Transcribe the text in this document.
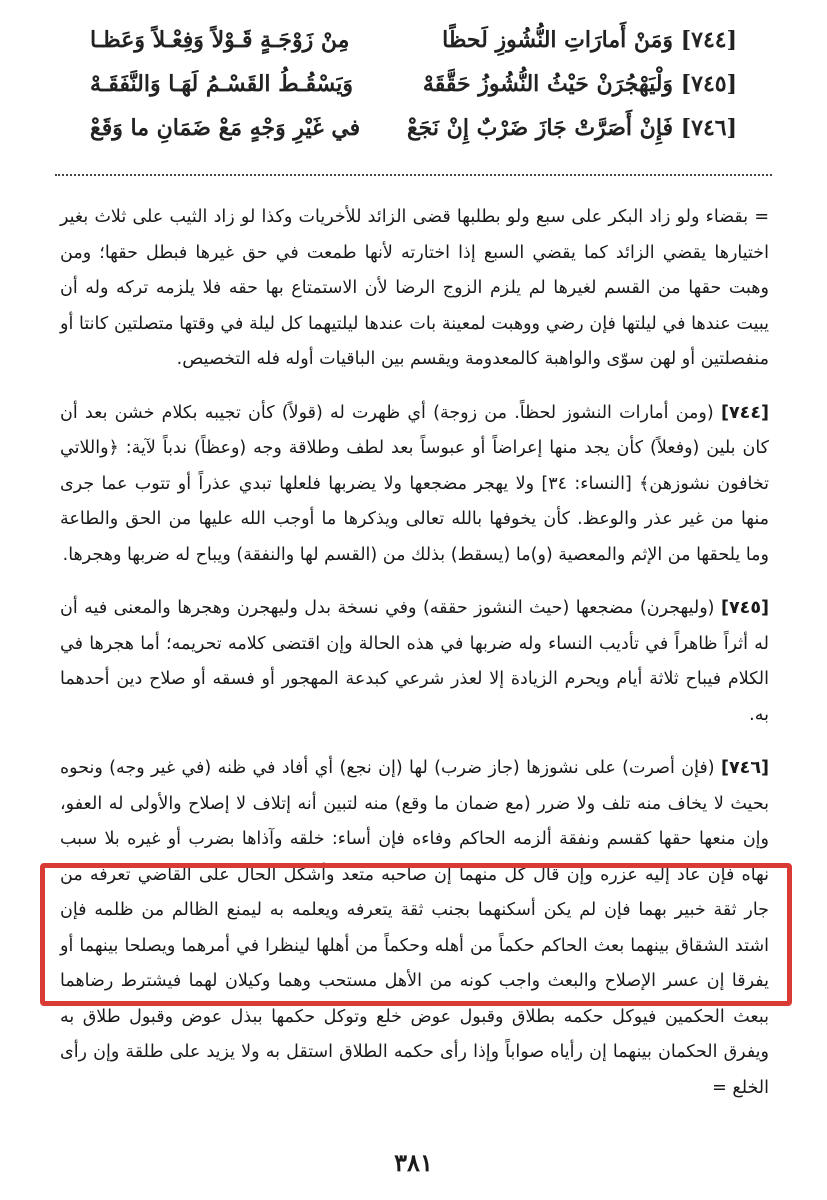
[٧٤٤] وَمَنْ أَمارَاتِ النُّشُوزِ لَحظًا
مِنْ زَوْجَـةٍ قَـوْلاً وَفِعْـلاً وَعَظـا
[٧٤٥] وَلْيَهْجُرَنْ حَيْثُ النُّشُوزُ حَقَّقَهْ
وَيَسْقُـطُ القَسْـمُ لَهَـا وَالنَّفَقَـهْ
[٧٤٦] فَإِنْ أَصَرَّتْ جَازَ ضَرْبٌ إِنْ نَجَعْ
في غَيْرِ وَجْهٍ مَعْ ضَمَانِ ما وَقَعْ

= بقضاء ولو زاد البكر على سبع ولو بطلبها قضى الزائد للأخريات وكذا لو زاد الثيب على ثلاث بغير اختيارها يقضي الزائد كما يقضي السبع إذا اختارته لأنها طمعت في حق غيرها فبطل حقها؛ ومن وهبت حقها من القسم لغيرها لم يلزم الزوج الرضا لأن الاستمتاع بها حقه فلا يلزمه تركه وله أن يبيت عندها في ليلتها فإن رضي ووهبت لمعينة بات عندها ليلتيهما كل ليلة في وقتها متصلتين كانتا أو منفصلتين أو لهن سوّى والواهبة كالمعدومة ويقسم بين الباقيات أوله فله التخصيص.

[٧٤٤] (ومن أمارات النشوز لحظاً. من زوجة) أي ظهرت له (قولاً) كأن تجيبه بكلام خشن بعد أن كان بلين (وفعلاً) كأن يجد منها إعراضاً أو عبوساً بعد لطف وطلاقة وجه (وعظاً) ندباً لآية: ﴿واللاتي تخافون نشوزهن﴾ [النساء: ٣٤] ولا يهجر مضجعها ولا يضربها فلعلها تبدي عذراً أو تتوب عما جرى منها من غير عذر والوعظ. كأن يخوفها بالله تعالى ويذكرها ما أوجب الله عليها من الحق والطاعة وما يلحقها من الإثم والمعصية (و)ما (يسقط) بذلك من (القسم لها والنفقة) ويباح له ضربها وهجرها.

[٧٤٥] (وليهجرن) مضجعها (حيث النشوز حققه) وفي نسخة بدل وليهجرن وهجرها والمعنى فيه أن له أثراً ظاهراً في تأديب النساء وله ضربها في هذه الحالة وإن اقتضى كلامه تحريمه؛ أما هجرها في الكلام فيباح ثلاثة أيام ويحرم الزيادة إلا لعذر شرعي كبدعة المهجور أو فسقه أو صلاح دين أحدهما به.

[٧٤٦] (فإن أصرت) على نشوزها (جاز ضرب) لها (إن نجع) أي أفاد في ظنه (في غير وجه) ونحوه بحيث لا يخاف منه تلف ولا ضرر (مع ضمان ما وقع) منه لتبين أنه إتلاف لا إصلاح والأولى له العفو، وإن منعها حقها كقسم ونفقة ألزمه الحاكم وفاءه فإن أساء: خلقه وآذاها بضرب أو غيره بلا سبب نهاه فإن عاد إليه عزره وإن قال كل منهما إن صاحبه متعد وأشكل الحال على القاضي تعرفه من جار ثقة خبير بهما فإن لم يكن أسكنهما بجنب ثقة يتعرفه ويعلمه به ليمنع الظالم من ظلمه فإن اشتد الشقاق بينهما بعث الحاكم حكماً من أهله وحكماً من أهلها لينظرا في أمرهما ويصلحا بينهما أو يفرقا إن عسر الإصلاح والبعث واجب كونه من الأهل مستحب وهما وكيلان لهما فيشترط رضاهما ببعث الحكمين فيوكل حكمه بطلاق وقبول عوض خلع وتوكل حكمها ببذل عوض وقبول طلاق به ويفرق الحكمان بينهما إن رأياه صواباً وإذا رأى حكمه الطلاق استقل به ولا يزيد على طلقة وإن رأى الخلع =

٣٨١
